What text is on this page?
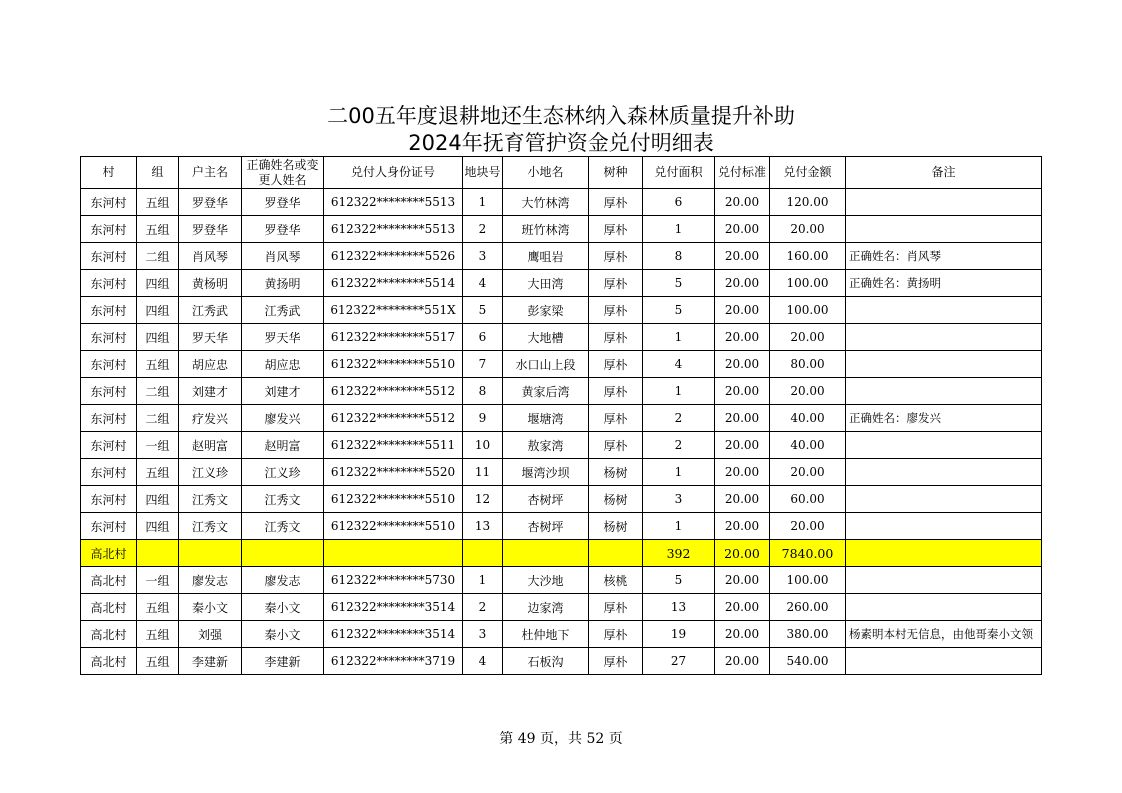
二00五年度退耕地还生态林纳入森林质量提升补助
2024年抚育管护资金兑付明细表
村	组	户主名	正确姓名或变更人姓名	兑付人身份证号	地块号	小地名	树种	兑付面积	兑付标准	兑付金额	备注
东河村	五组	罗登华	罗登华	612322********5513	1	大竹林湾	厚朴	6	20.00	120.00	
东河村	五组	罗登华	罗登华	612322********5513	2	班竹林湾	厚朴	1	20.00	20.00	
东河村	二组	肖风琴	肖风琴	612322********5526	3	鹰咀岩	厚朴	8	20.00	160.00	正确姓名：肖风琴
东河村	四组	黄杨明	黄扬明	612322********5514	4	大田湾	厚朴	5	20.00	100.00	正确姓名：黄扬明
东河村	四组	江秀武	江秀武	612322********551X	5	彭家梁	厚朴	5	20.00	100.00	
东河村	四组	罗天华	罗天华	612322********5517	6	大地槽	厚朴	1	20.00	20.00	
东河村	五组	胡应忠	胡应忠	612322********5510	7	水口山上段	厚朴	4	20.00	80.00	
东河村	二组	刘建才	刘建才	612322********5512	8	黄家后湾	厚朴	1	20.00	20.00	
东河村	二组	疗发兴	廖发兴	612322********5512	9	堰塘湾	厚朴	2	20.00	40.00	正确姓名：廖发兴
东河村	一组	赵明富	赵明富	612322********5511	10	敖家湾	厚朴	2	20.00	40.00	
东河村	五组	江义珍	江义珍	612322********5520	11	堰湾沙坝	杨树	1	20.00	20.00	
东河村	四组	江秀文	江秀文	612322********5510	12	杏树坪	杨树	3	20.00	60.00	
东河村	四组	江秀文	江秀文	612322********5510	13	杏树坪	杨树	1	20.00	20.00	
高北村								392	20.00	7840.00	
高北村	一组	廖发志	廖发志	612322********5730	1	大沙地	核桃	5	20.00	100.00	
高北村	五组	秦小文	秦小文	612322********3514	2	边家湾	厚朴	13	20.00	260.00	
高北村	五组	刘强	秦小文	612322********3514	3	杜仲地下	厚朴	19	20.00	380.00	杨素明本村无信息，由他哥秦小文领
高北村	五组	李建新	李建新	612322********3719	4	石板沟	厚朴	27	20.00	540.00	
第 49 页，共 52 页
